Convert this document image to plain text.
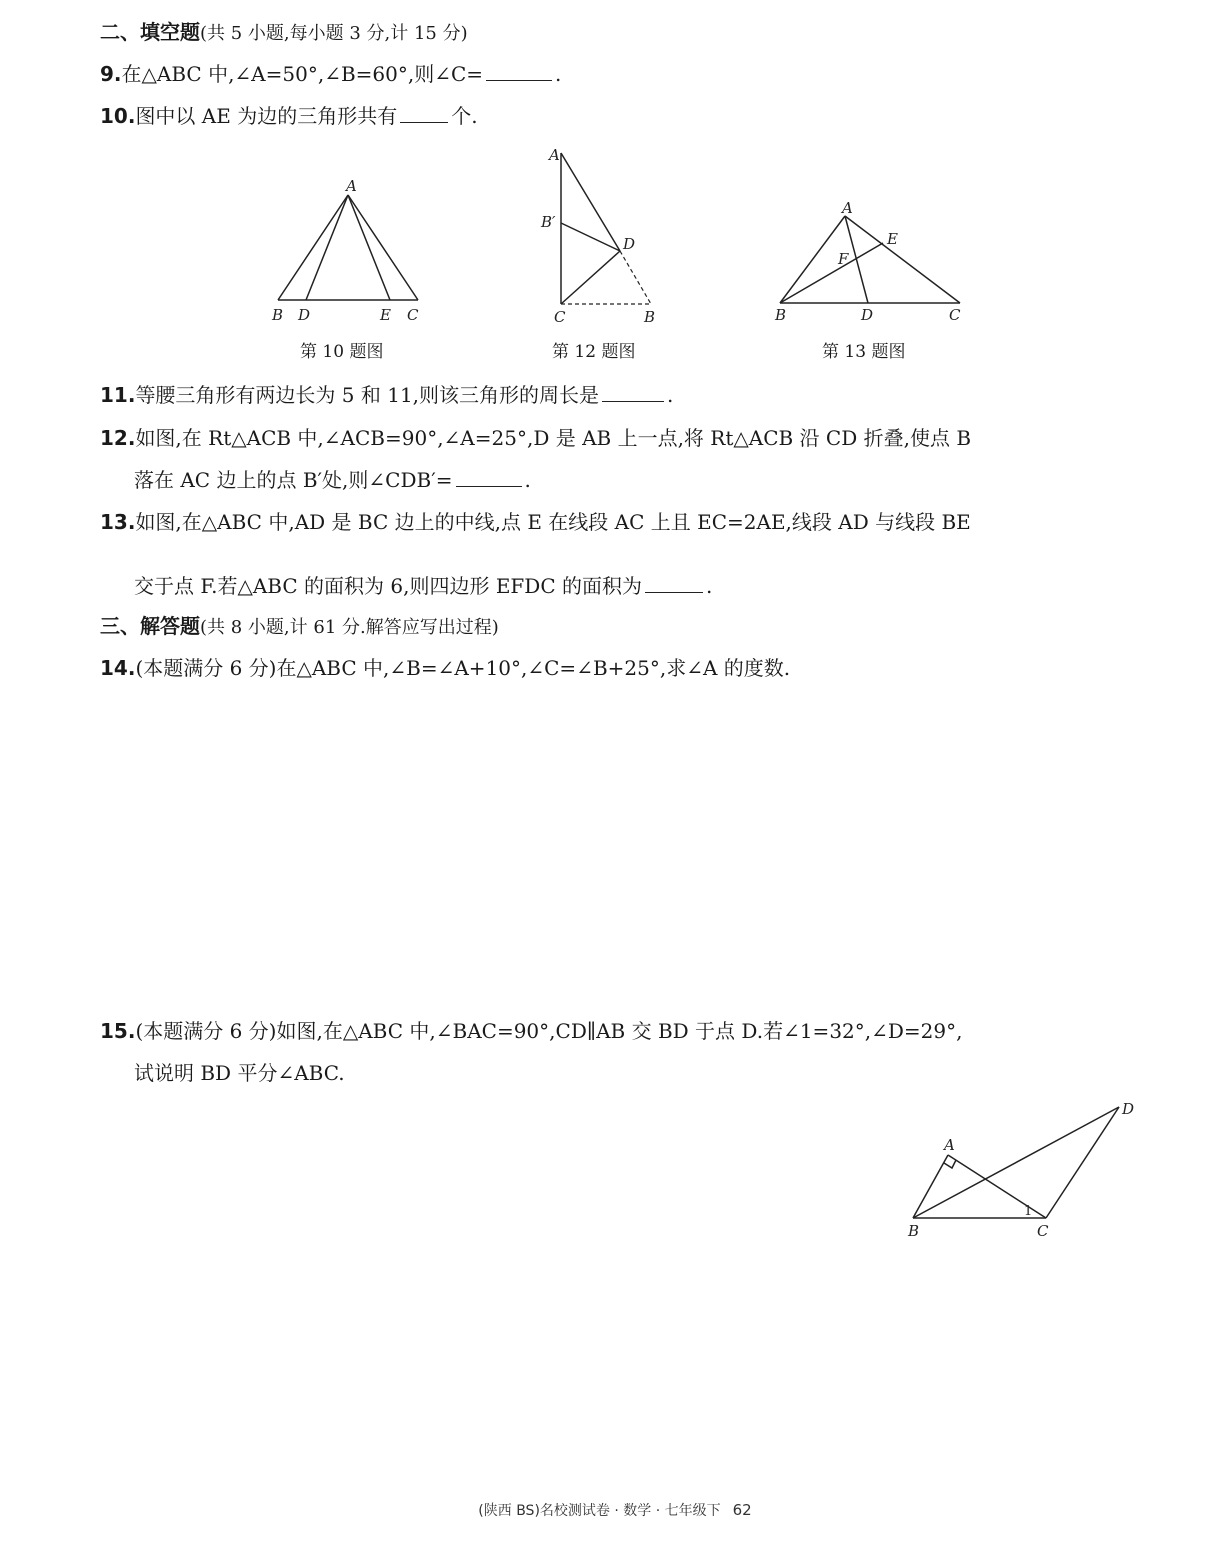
二、填空题(共 5 小题,每小题 3 分,计 15 分)
9.在△ABC 中,∠A=50°,∠B=60°,则∠C=	.
10.图中以 AE 为边的三角形共有	个.
A
B D	E C
第 10 题图
A
B′
D
C	B
第 12 题图
A
E
F
B	D	C
第 13 题图
11.等腰三角形有两边长为 5 和 11,则该三角形的周长是	.
12.如图,在 Rt△ACB 中,∠ACB=90°,∠A=25°,D 是 AB 上一点,将 Rt△ACB 沿 CD 折叠,使点 B
落在 AC 边上的点 B′处,则∠CDB′=	.
13.如图,在△ABC 中,AD 是 BC 边上的中线,点 E 在线段 AC 上且 EC=2AE,线段 AD 与线段 BE
交于点 F.若△ABC 的面积为 6,则四边形 EFDC 的面积为	.
三、解答题(共 8 小题,计 61 分.解答应写出过程)
14.(本题满分 6 分)在△ABC 中,∠B=∠A+10°,∠C=∠B+25°,求∠A 的度数.
15.(本题满分 6 分)如图,在△ABC 中,∠BAC=90°,CD∥AB 交 BD 于点 D.若∠1=32°,∠D=29°,
试说明 BD 平分∠ABC.
A
D
B	C
1
(陕西 BS)名校测试卷 · 数学 · 七年级下 62
